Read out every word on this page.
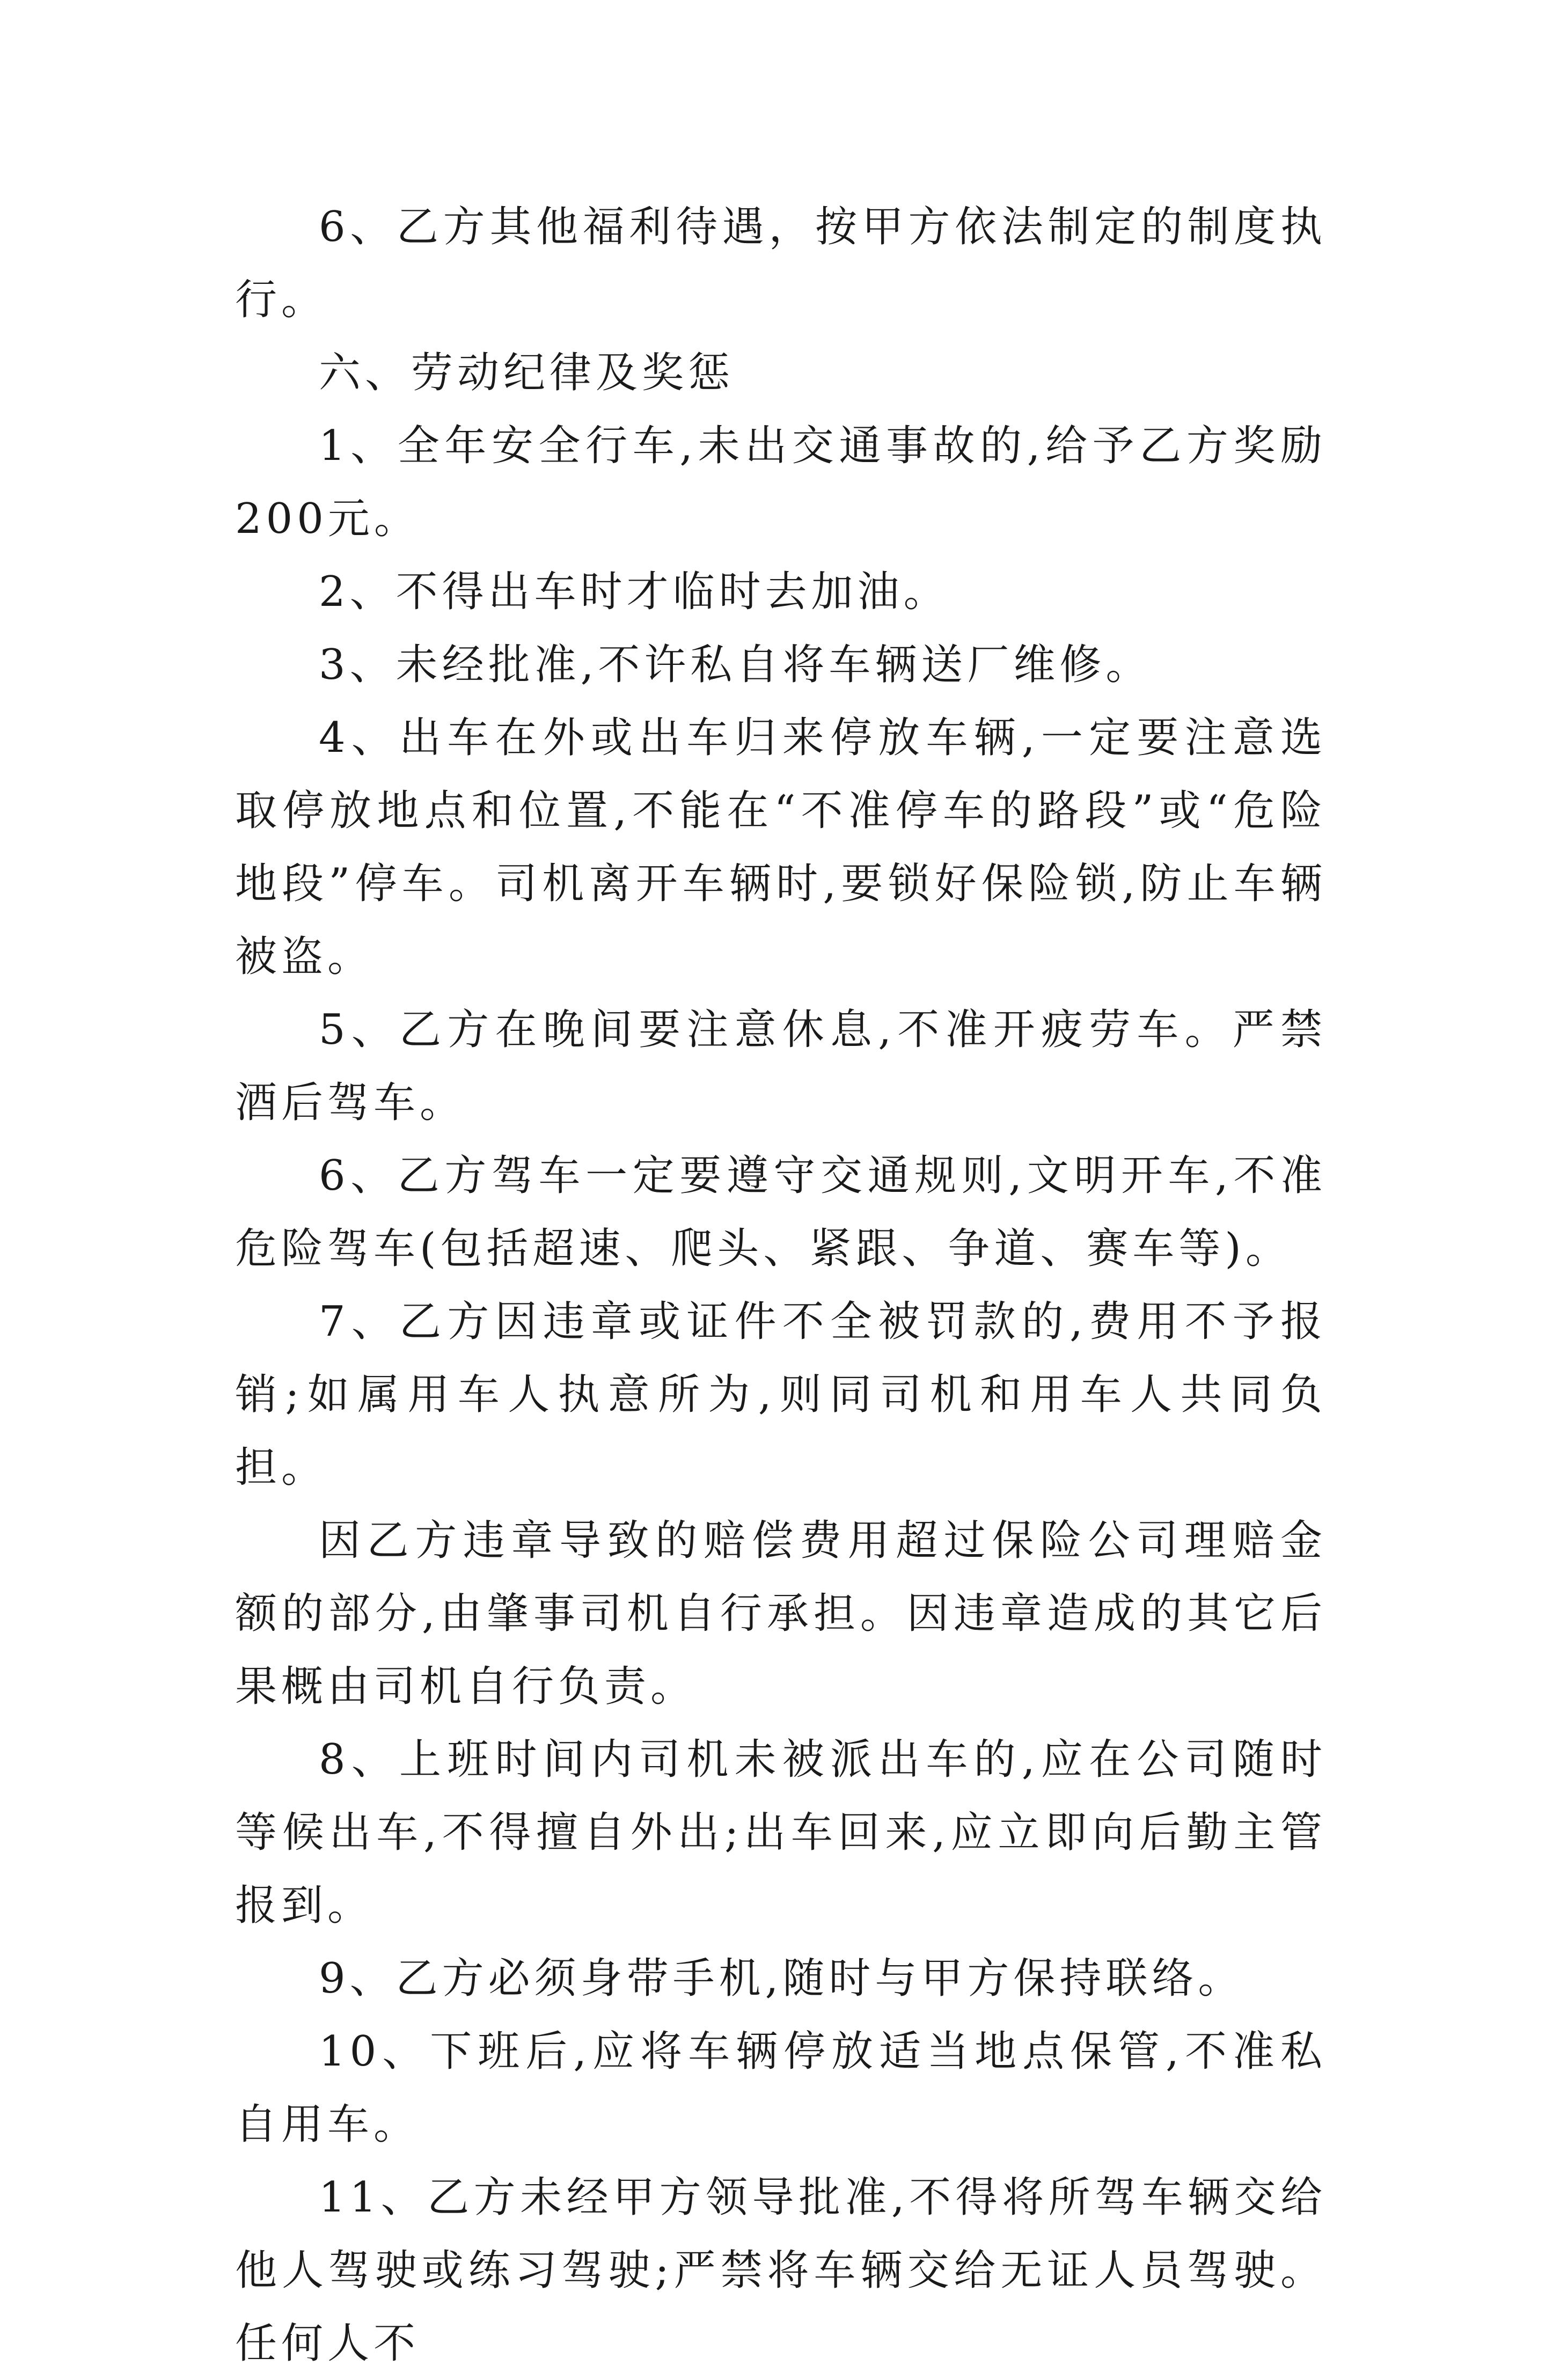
6、乙方其他福利待遇，按甲方依法制定的制度执行。

六、劳动纪律及奖惩

1、全年安全行车,未出交通事故的,给予乙方奖励200元。

2、不得出车时才临时去加油。

3、未经批准,不许私自将车辆送厂维修。

4、出车在外或出车归来停放车辆,一定要注意选取停放地点和位置,不能在“不准停车的路段”或“危险地段”停车。司机离开车辆时,要锁好保险锁,防止车辆被盗。

5、乙方在晚间要注意休息,不准开疲劳车。严禁酒后驾车。

6、乙方驾车一定要遵守交通规则,文明开车,不准危险驾车(包括超速、爬头、紧跟、争道、赛车等)。

7、乙方因违章或证件不全被罚款的,费用不予报销;如属用车人执意所为,则同司机和用车人共同负担。

因乙方违章导致的赔偿费用超过保险公司理赔金额的部分,由肇事司机自行承担。因违章造成的其它后果概由司机自行负责。

8、上班时间内司机未被派出车的,应在公司随时等候出车,不得擅自外出;出车回来,应立即向后勤主管报到。

9、乙方必须身带手机,随时与甲方保持联络。

10、下班后,应将车辆停放适当地点保管,不准私自用车。

11、乙方未经甲方领导批准,不得将所驾车辆交给他人驾驶或练习驾驶;严禁将车辆交给无证人员驾驶。任何人不
